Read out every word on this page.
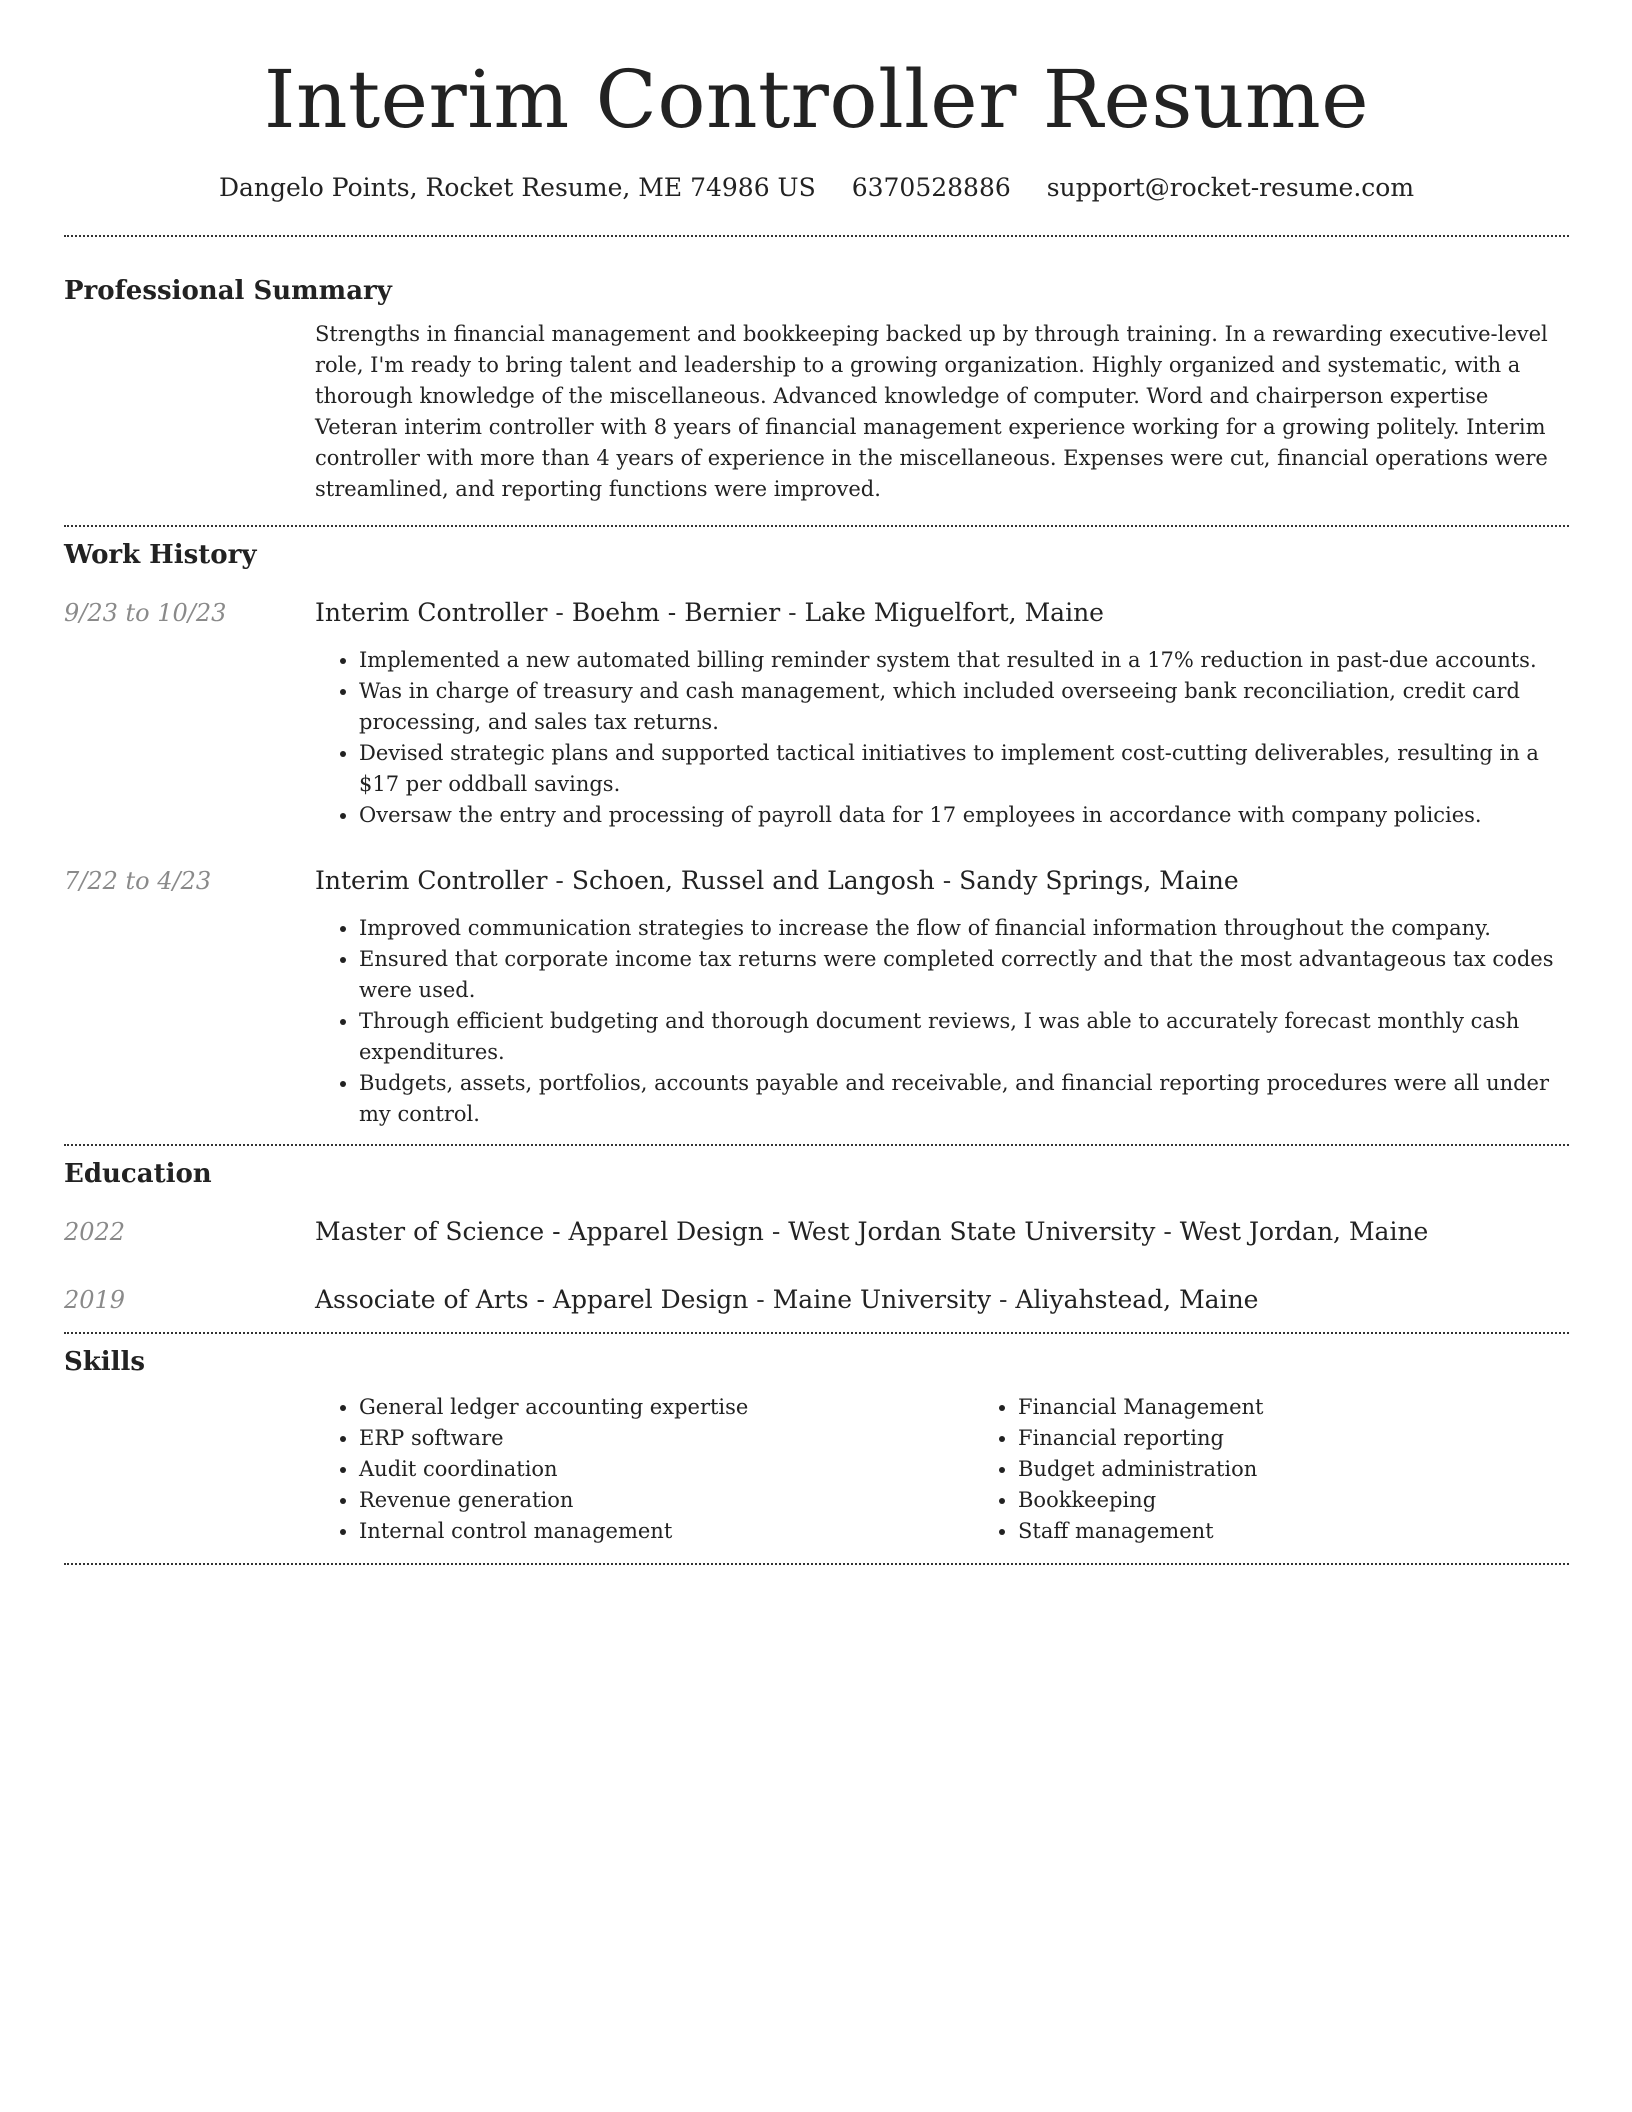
Interim Controller Resume
Dangelo Points, Rocket Resume, ME 74986 US 6370528886 support@rocket-resume.com
Professional Summary

Strengths in financial management and bookkeeping backed up by through training. In a rewarding executive-level role, I'm ready to bring talent and leadership to a growing organization. Highly organized and systematic, with a thorough knowledge of the miscellaneous. Advanced knowledge of computer. Word and chairperson expertise Veteran interim controller with 8 years of financial management experience working for a growing politely. Interim controller with more than 4 years of experience in the miscellaneous. Expenses were cut, financial operations were streamlined, and reporting functions were improved.

Work History
9/23 to 10/23	Interim Controller - Boehm - Bernier - Lake Miguelfort, Maine
• Implemented a new automated billing reminder system that resulted in a 17% reduction in past-due accounts.
• Was in charge of treasury and cash management, which included overseeing bank reconciliation, credit card processing, and sales tax returns.
• Devised strategic plans and supported tactical initiatives to implement cost-cutting deliverables, resulting in a $17 per oddball savings.
• Oversaw the entry and processing of payroll data for 17 employees in accordance with company policies.
7/22 to 4/23	Interim Controller - Schoen, Russel and Langosh - Sandy Springs, Maine
• Improved communication strategies to increase the flow of financial information throughout the company.
• Ensured that corporate income tax returns were completed correctly and that the most advantageous tax codes were used.
• Through efficient budgeting and thorough document reviews, I was able to accurately forecast monthly cash expenditures.
• Budgets, assets, portfolios, accounts payable and receivable, and financial reporting procedures were all under my control.
Education
2022	Master of Science - Apparel Design - West Jordan State University - West Jordan, Maine
2019	Associate of Arts - Apparel Design - Maine University - Aliyahstead, Maine
Skills
• General ledger accounting expertise
• ERP software
• Audit coordination
• Revenue generation
• Internal control management
• Financial Management
• Financial reporting
• Budget administration
• Bookkeeping
• Staff management
